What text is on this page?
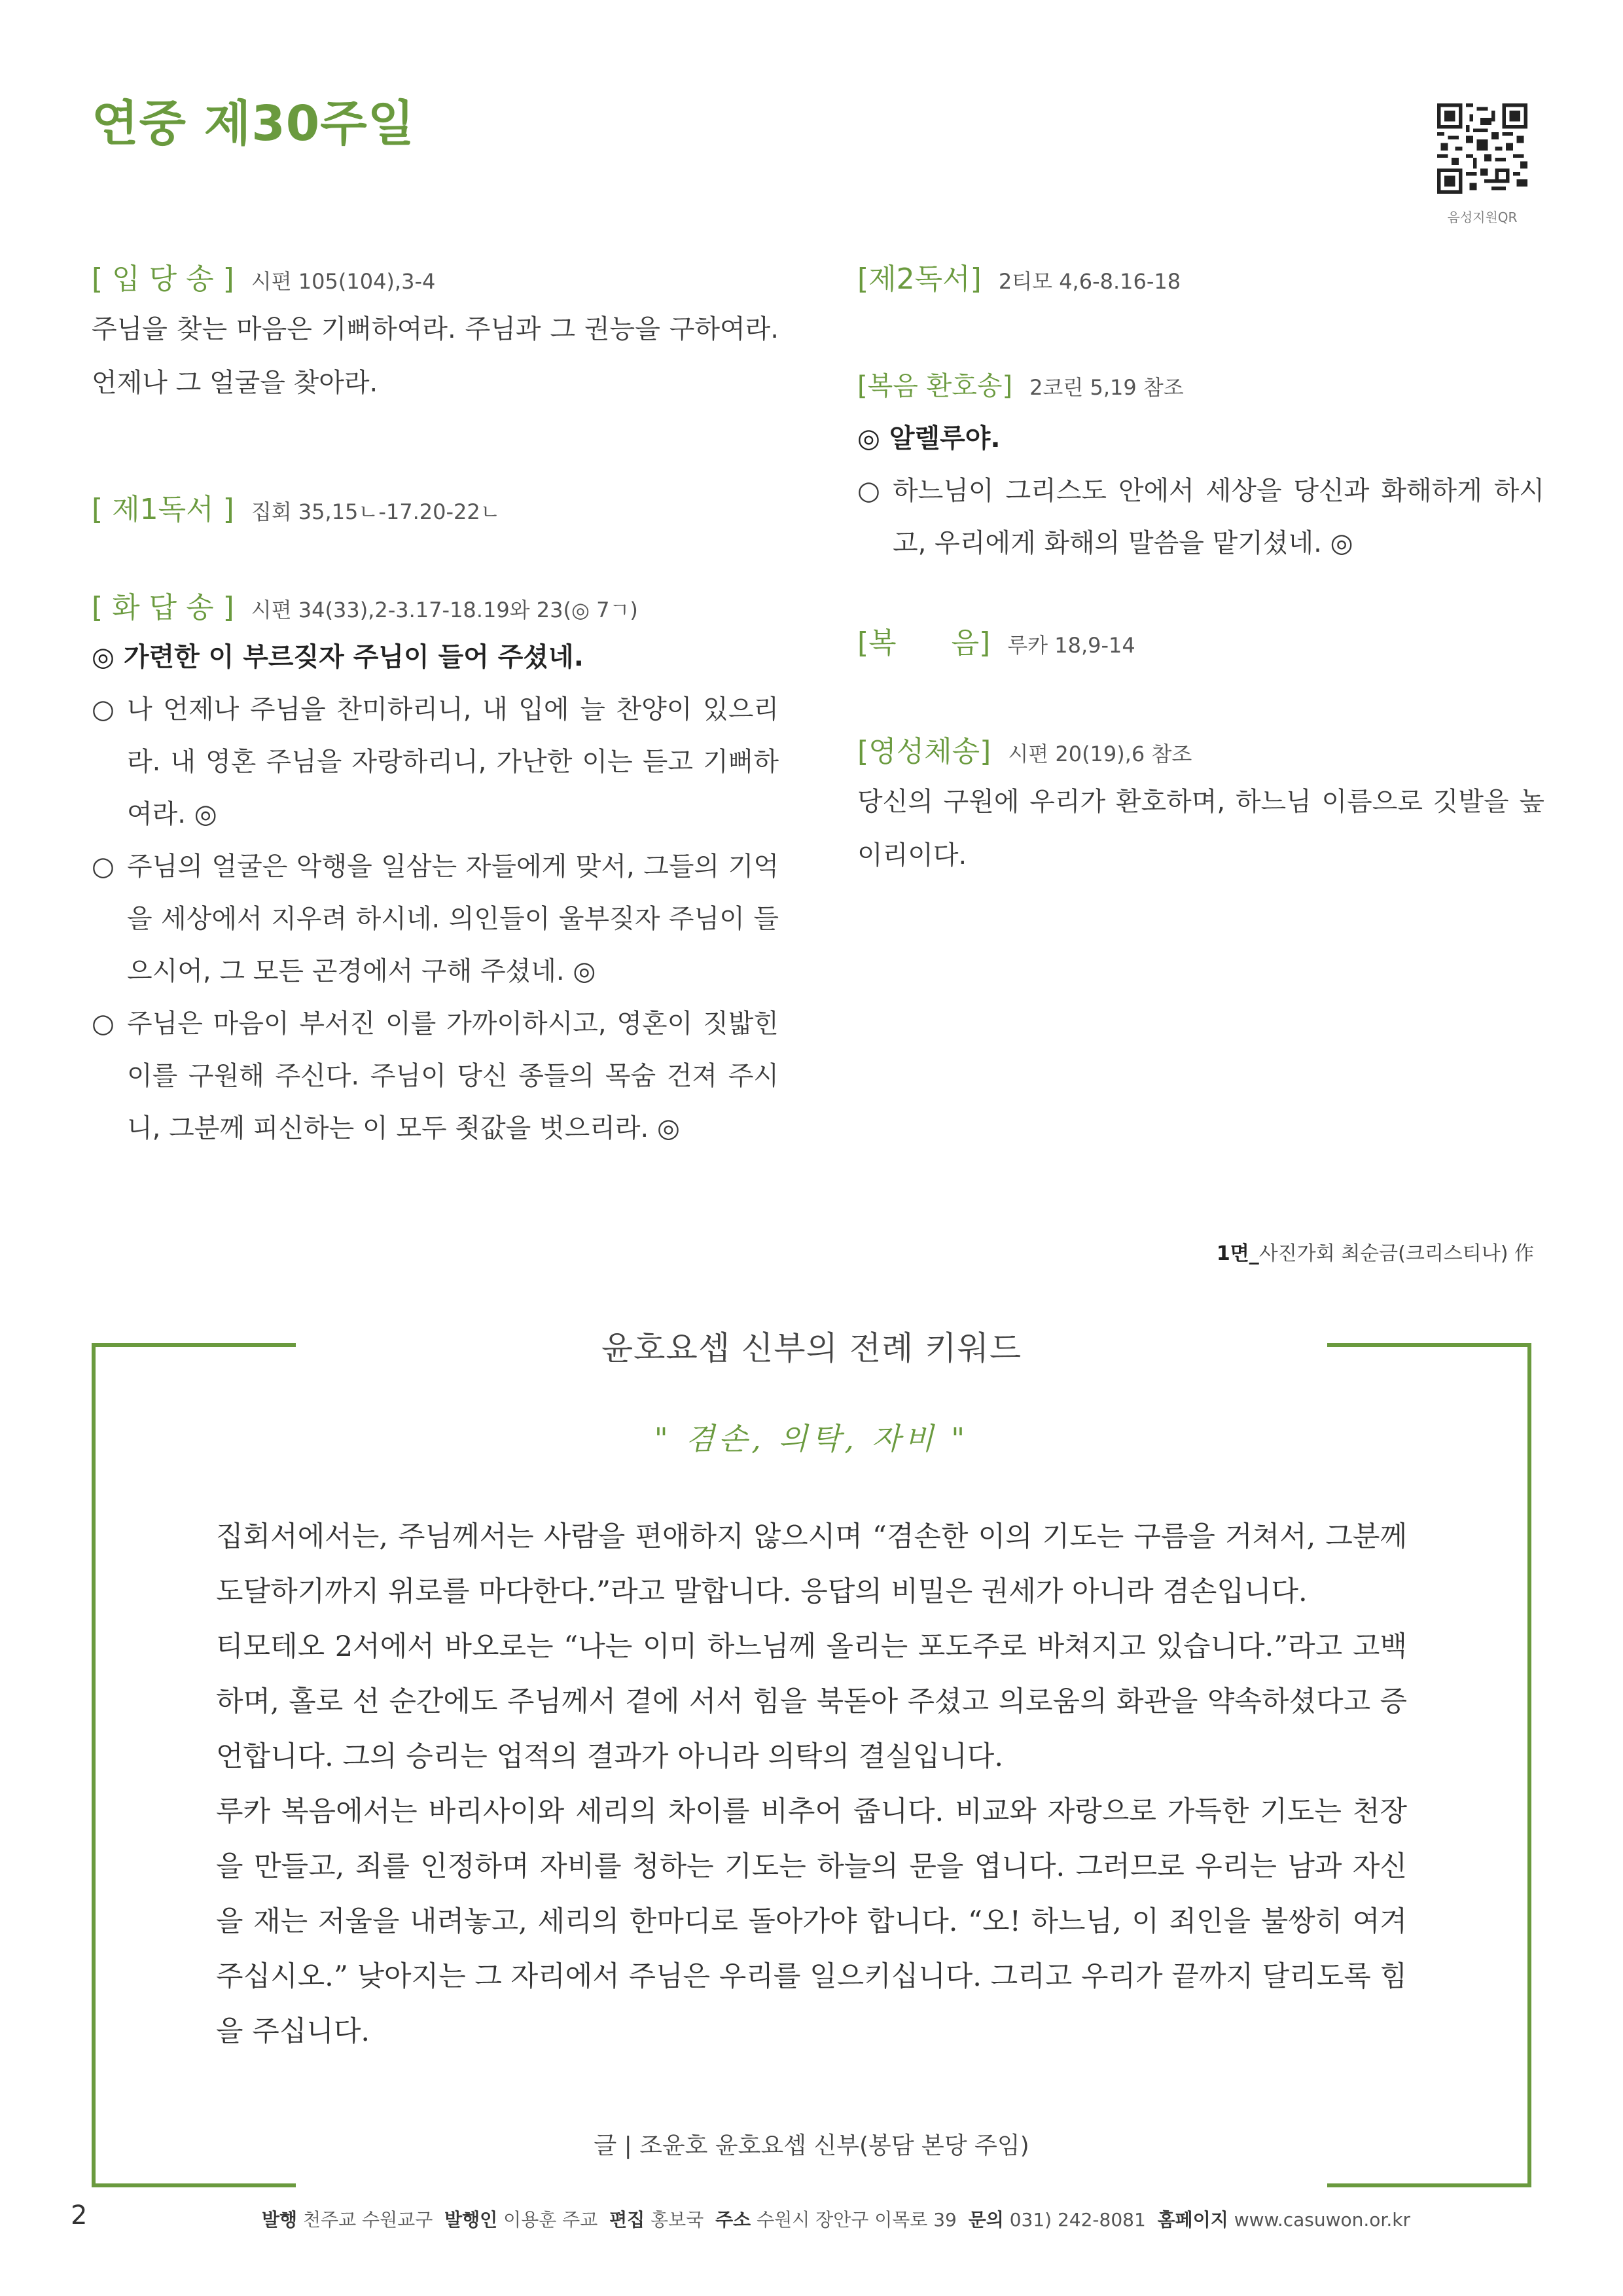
연중 제30주일
음성지원QR
[ 입 당 송 ] 시편 105(104),3-4
주님을 찾는 마음은 기뻐하여라. 주님과 그 권능을 구하여라. 언제나 그 얼굴을 찾아라.
[ 제1독서 ] 집회 35,15ㄴ-17.20-22ㄴ
[ 화 답 송 ] 시편 34(33),2-3.17-18.19와 23(◎ 7ㄱ)
◎ 가련한 이 부르짖자 주님이 들어 주셨네.
○ 나 언제나 주님을 찬미하리니, 내 입에 늘 찬양이 있으리라. 내 영혼 주님을 자랑하리니, 가난한 이는 듣고 기뻐하여라. ◎
○ 주님의 얼굴은 악행을 일삼는 자들에게 맞서, 그들의 기억을 세상에서 지우려 하시네. 의인들이 울부짖자 주님이 들으시어, 그 모든 곤경에서 구해 주셨네. ◎
○ 주님은 마음이 부서진 이를 가까이하시고, 영혼이 짓밟힌 이를 구원해 주신다. 주님이 당신 종들의 목숨 건져 주시니, 그분께 피신하는 이 모두 죗값을 벗으리라. ◎
[제2독서] 2티모 4,6-8.16-18
[복음 환호송] 2코린 5,19 참조
◎ 알렐루야.
○ 하느님이 그리스도 안에서 세상을 당신과 화해하게 하시고, 우리에게 화해의 말씀을 맡기셨네. ◎
[복      음] 루카 18,9-14
[영성체송] 시편 20(19),6 참조
당신의 구원에 우리가 환호하며, 하느님 이름으로 깃발을 높이리이다.
1면_사진가회 최순금(크리스티나) 作
윤호요셉 신부의 전례 키워드
" 겸손, 의탁, 자비 "

집회서에서는, 주님께서는 사람을 편애하지 않으시며 “겸손한 이의 기도는 구름을 거쳐서, 그분께 도달하기까지 위로를 마다한다.”라고 말합니다. 응답의 비밀은 권세가 아니라 겸손입니다.

티모테오 2서에서 바오로는 “나는 이미 하느님께 올리는 포도주로 바쳐지고 있습니다.”라고 고백하며, 홀로 선 순간에도 주님께서 곁에 서서 힘을 북돋아 주셨고 의로움의 화관을 약속하셨다고 증언합니다. 그의 승리는 업적의 결과가 아니라 의탁의 결실입니다.

루카 복음에서는 바리사이와 세리의 차이를 비추어 줍니다. 비교와 자랑으로 가득한 기도는 천장을 만들고, 죄를 인정하며 자비를 청하는 기도는 하늘의 문을 엽니다. 그러므로 우리는 남과 자신을 재는 저울을 내려놓고, 세리의 한마디로 돌아가야 합니다. “오! 하느님, 이 죄인을 불쌍히 여겨 주십시오.” 낮아지는 그 자리에서 주님은 우리를 일으키십니다. 그리고 우리가 끝까지 달리도록 힘을 주십니다.

글 | 조윤호 윤호요셉 신부(봉담 본당 주임)
2	발행 천주교 수원교구 발행인 이용훈 주교 편집 홍보국 주소 수원시 장안구 이목로 39 문의 031) 242-8081 홈페이지 www.casuwon.or.kr
